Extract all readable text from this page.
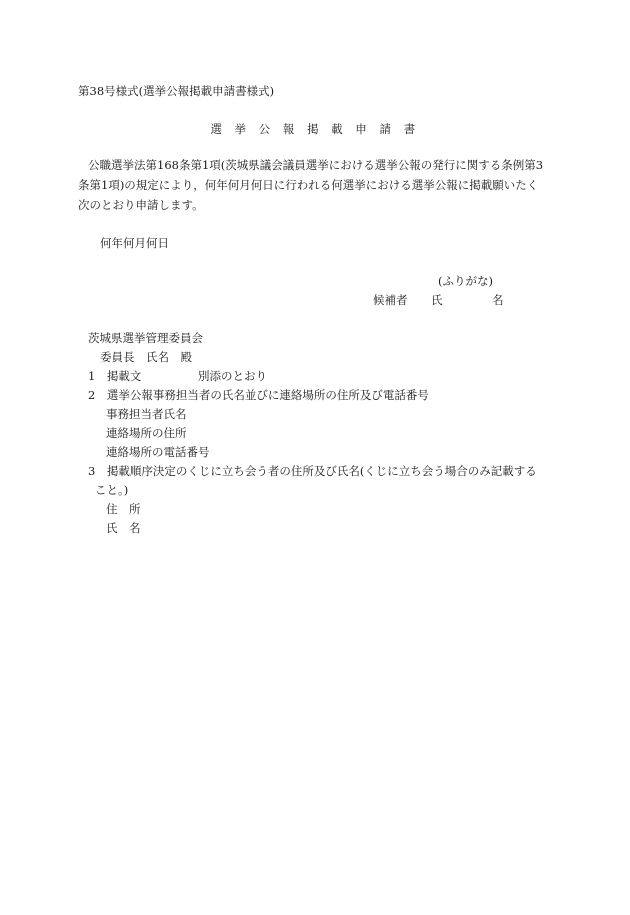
第38号様式(選挙公報掲載申請書様式)

選 挙 公 報 掲 載 申 請 書

公職選挙法第168条第1項(茨城県議会議員選挙における選挙公報の発行に関する条例第3

条第1項)の規定により，何年何月何日に行われる何選挙における選挙公報に掲載願いたく

次のとおり申請します。

何年何月何日

(ふりがな)

候補者 氏	名

茨城県選挙管理委員会

委員長　氏名　殿

1　掲載文	別添のとおり

2　選挙公報事務担当者の氏名並びに連絡場所の住所及び電話番号

事務担当者氏名

連絡場所の住所

連絡場所の電話番号

3　掲載順序決定のくじに立ち会う者の住所及び氏名(くじに立ち会う場合のみ記載する

こと。)

住　所

氏　名
